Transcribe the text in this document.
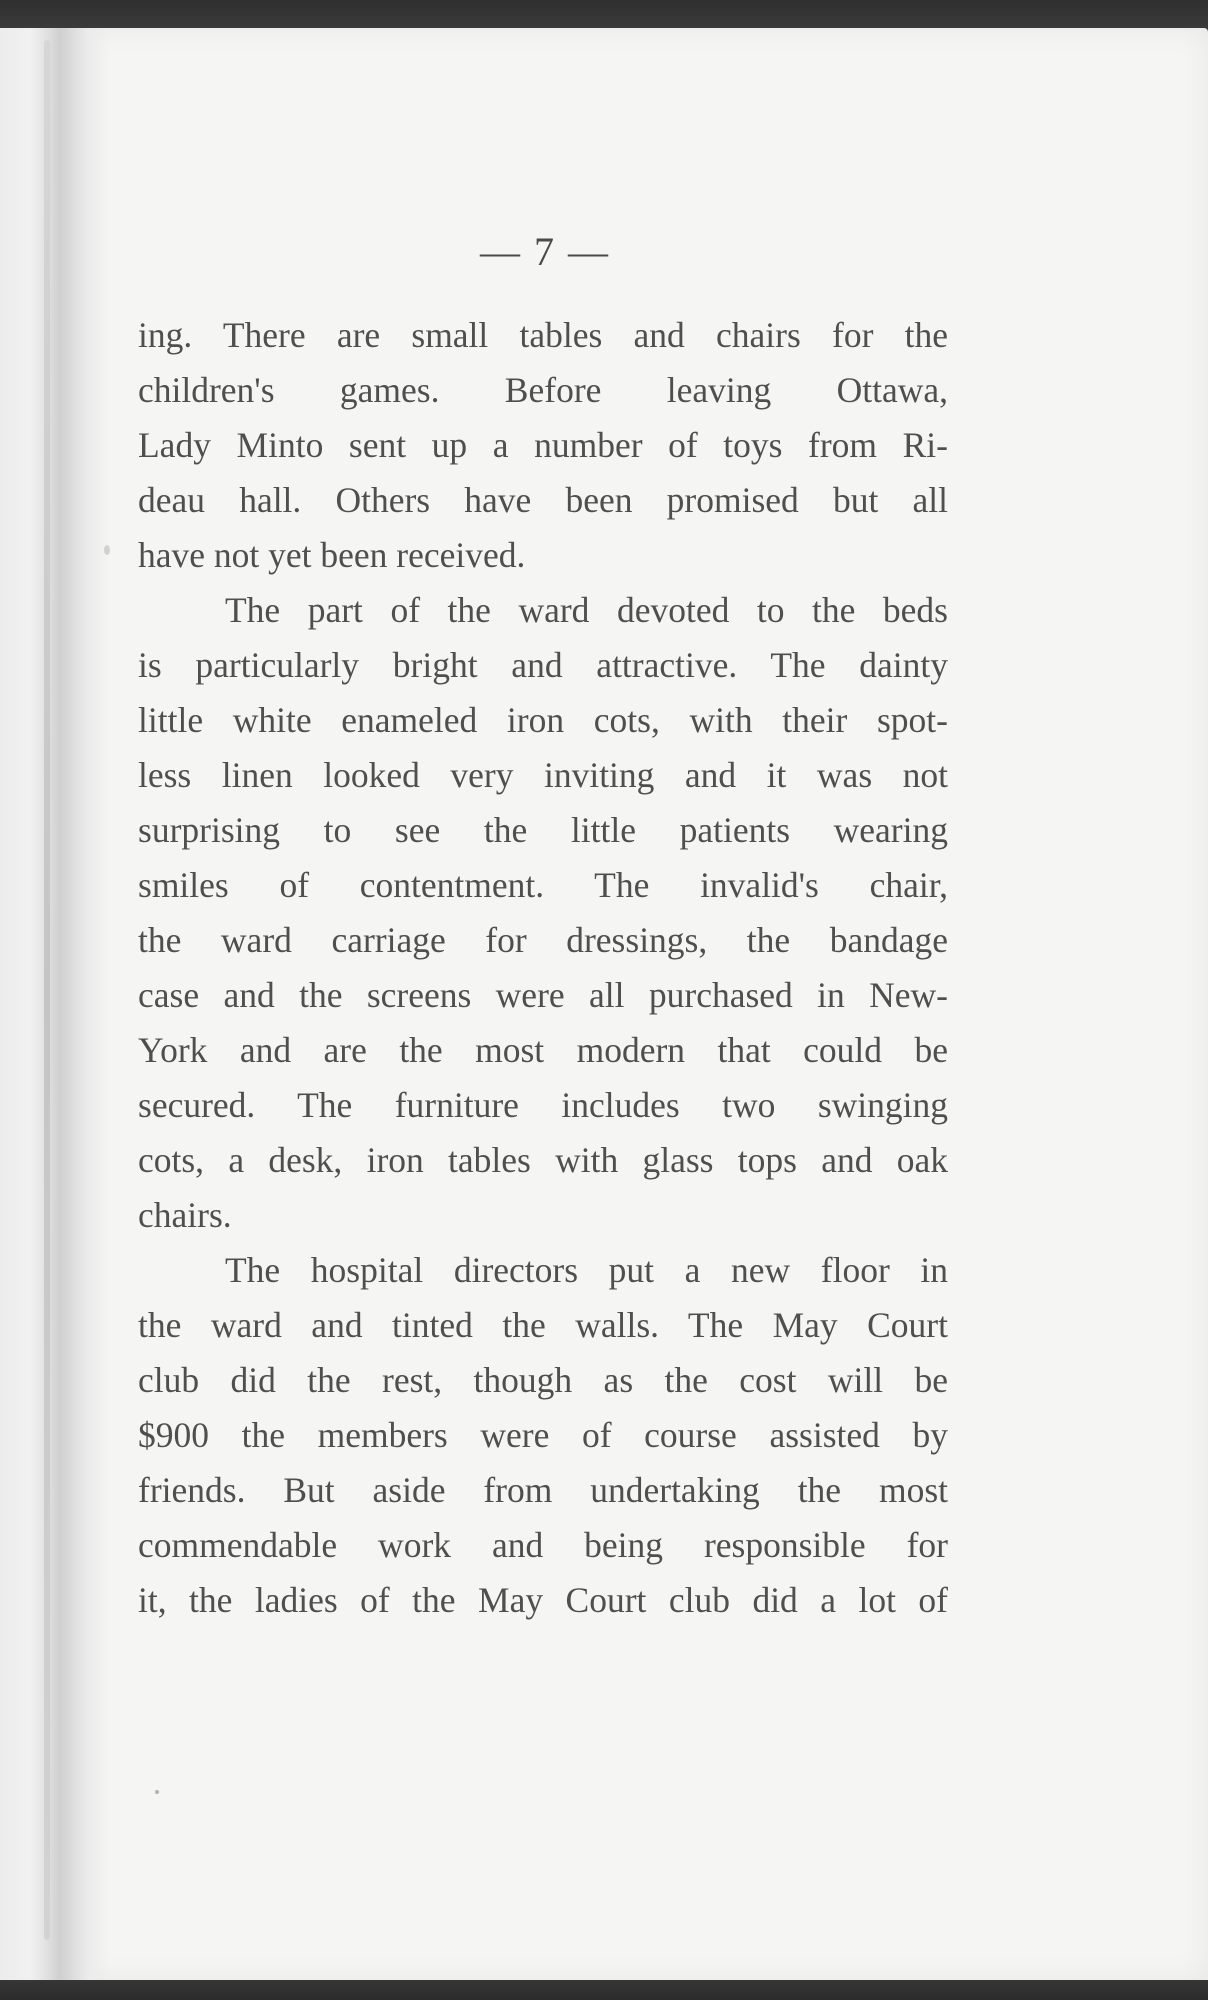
— 7 —
ing. There are small tables and chairs for the
children's games. Before leaving Ottawa,
Lady Minto sent up a number of toys from Ri-
deau hall. Others have been promised but all
have not yet been received.
The part of the ward devoted to the beds
is particularly bright and attractive. The dainty
little white enameled iron cots, with their spot-
less linen looked very inviting and it was not
surprising to see the little patients wearing
smiles of contentment. The invalid's chair,
the ward carriage for dressings, the bandage
case and the screens were all purchased in New-
York and are the most modern that could be
secured. The furniture includes two swinging
cots, a desk, iron tables with glass tops and oak
chairs.
The hospital directors put a new floor in
the ward and tinted the walls. The May Court
club did the rest, though as the cost will be
$900 the members were of course assisted by
friends. But aside from undertaking the most
commendable work and being responsible for
it, the ladies of the May Court club did a lot of
